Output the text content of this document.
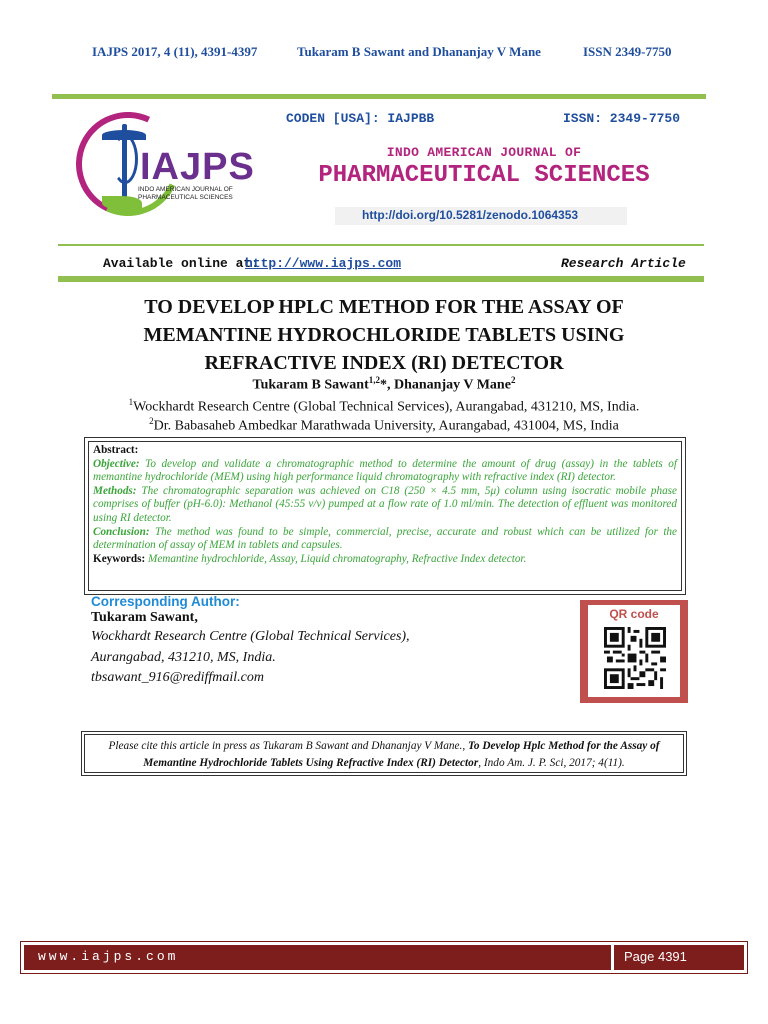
IAJPS 2017, 4 (11), 4391-4397	Tukaram B Sawant and Dhananjay V Mane	ISSN 2349-7750
IAJPS
INDO AMERICAN JOURNAL OF PHARMACEUTICAL SCIENCES
CODEN [USA]: IAJPBB	ISSN: 2349-7750
INDO AMERICAN JOURNAL OF
PHARMACEUTICAL SCIENCES
http://doi.org/10.5281/zenodo.1064353
Available online at:
http://www.iajps.com	Research Article
TO DEVELOP HPLC METHOD FOR THE ASSAY OF
MEMANTINE HYDROCHLORIDE TABLETS USING
REFRACTIVE INDEX (RI) DETECTOR
Tukaram B Sawant$^{1,2}$*, Dhananjay V Mane$^2$
$^1$Wockhardt Research Centre (Global Technical Services), Aurangabad, 431210, MS, India.
$^2$Dr. Babasaheb Ambedkar Marathwada University, Aurangabad, 431004, MS, India
Abstract:
Objective: To develop and validate a chromatographic method to determine the amount of drug (assay) in the tablets of memantine hydrochloride (MEM) using high performance liquid chromatography with refractive index (RI) detector.
Methods: The chromatographic separation was achieved on C18 (250 × 4.5 mm, 5μ) column using isocratic mobile phase comprises of buffer (pH-6.0): Methanol (45:55 v/v) pumped at a flow rate of 1.0 ml/min. The detection of effluent was monitored using RI detector.
Conclusion: The method was found to be simple, commercial, precise, accurate and robust which can be utilized for the determination of assay of MEM in tablets and capsules.
Keywords: Memantine hydrochloride, Assay, Liquid chromatography, Refractive Index detector.
Corresponding Author:
Tukaram Sawant,
Wockhardt Research Centre (Global Technical Services),
Aurangabad, 431210, MS, India.
tbsawant_916@rediffmail.com
QR code
Please cite this article in press as Tukaram B Sawant and Dhananjay V Mane., To Develop Hplc Method for the Assay of Memantine Hydrochloride Tablets Using Refractive Index (RI) Detector, Indo Am. J. P. Sci, 2017; 4(11).
www.iajps.com	Page 4391
